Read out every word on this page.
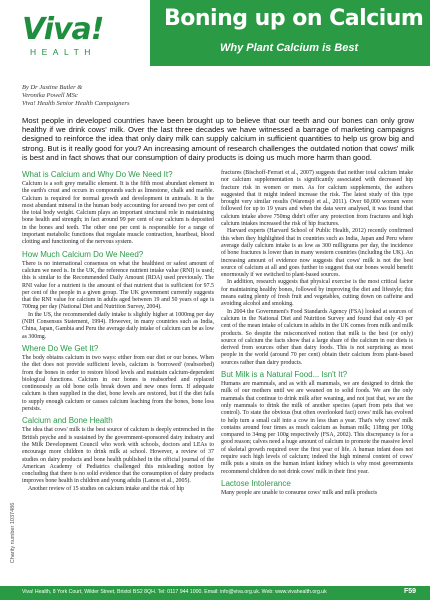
Viva!
HEALTH
Boning up on Calcium
Why Plant Calcium is Best
By Dr Justine Butler &
Veronika Powell MSc
Viva! Health Senior Health Campaigners
Most people in developed countries have been brought up to believe that our teeth and our bones can only grow healthy if we drink cows' milk. Over the last three decades we have witnessed a barrage of marketing campaigns designed to reinforce the idea that only dairy milk can supply calcium in sufficient quantities to help us grow big and strong. But is it really good for you? An increasing amount of research challenges the outdated notion that cows' milk is best and in fact shows that our consumption of dairy products is doing us much more harm than good.
What is Calcium and Why Do We Need It?

Calcium is a soft grey metallic element. It is the fifth most abundant element in the earth's crust and occurs in compounds such as limestone, chalk and marble. Calcium is required for normal growth and development in animals. It is the most abundant mineral in the human body accounting for around two per cent of the total body weight. Calcium plays an important structural role in maintaining bone health and strength; in fact around 99 per cent of our calcium is deposited in the bones and teeth. The other one per cent is responsible for a range of important metabolic functions that regulate muscle contraction, heartbeat, blood clotting and functioning of the nervous system.

How Much Calcium Do We Need?

There is no international consensus on what the healthiest or safest amount of calcium we need is. In the UK, the reference nutrient intake value (RNI) is used; this is similar to the Recommended Daily Amount (RDA) used previously. The RNI value for a nutrient is the amount of that nutrient that is sufficient for 97.5 per cent of the people in a given group. The UK government currently suggests that the RNI value for calcium in adults aged between 19 and 50 years of age is 700mg per day (National Diet and Nutrition Survey, 2004).

In the US, the recommended daily intake is slightly higher at 1000mg per day (NIH Consensus Statement, 1994). However, in many countries such as India, China, Japan, Gambia and Peru the average daily intake of calcium can be as low as 300mg.

Where Do We Get It?

The body obtains calcium in two ways: either from our diet or our bones. When the diet does not provide sufficient levels, calcium is 'borrowed' (reabsorbed) from the bones in order to restore blood levels and maintain calcium-dependent biological functions. Calcium in our bones is reabsorbed and replaced continuously as old bone cells break down and new ones form. If adequate calcium is then supplied in the diet, bone levels are restored, but if the diet fails to supply enough calcium or causes calcium leaching from the bones, bone loss persists.

Calcium and Bone Health

The idea that cows' milk is the best source of calcium is deeply entrenched in the British psyche and is sustained by the government-sponsored dairy industry and the Milk Development Council who work with schools, doctors and LEAs to encourage more children to drink milk at school. However, a review of 37 studies on dairy products and bone health published in the official journal of the American Academy of Pediatrics challenged this misleading notion by concluding that there is no solid evidence that the consumption of dairy products improves bone health in children and young adults (Lanou et al., 2005).

Another review of 15 studies on calcium intake and the risk of hip

fractures (Bischoff-Ferrari et al., 2007) suggests that neither total calcium intake nor calcium supplementation is significantly associated with decreased hip fracture risk in women or men. As for calcium supplements, the authors suggested that it might indeed increase the risk. The latest study of this type brought very similar results (Warensjö et al., 2011). Over 60,000 women were followed for up to 19 years and when the data were analysed, it was found that calcium intake above 750mg didn't offer any protection from fractures and high calcium intakes increased the risk of hip fractures.

Harvard experts (Harvard School of Public Health, 2012) recently confirmed this when they highlighted that in countries such as India, Japan and Peru where average daily calcium intake is as low as 300 milligrams per day, the incidence of bone fractures is lower than in many western countries (including the UK). An increasing amount of evidence now suggests that cows' milk is not the best source of calcium at all and goes further to suggest that our bones would benefit enormously if we switched to plant-based sources.

In addition, research suggests that physical exercise is the most critical factor for maintaining healthy bones, followed by improving the diet and lifestyle; this means eating plenty of fresh fruit and vegetables, cutting down on caffeine and avoiding alcohol and smoking.

In 2004 the Government's Food Standards Agency (FSA) looked at sources of calcium in the National Diet and Nutrition Survey and found that only 43 per cent of the mean intake of calcium in adults in the UK comes from milk and milk products. So despite the misconceived notion that milk is the best (or only) source of calcium the facts show that a large share of the calcium in our diets is derived from sources other than dairy foods. This is not surprising as most people in the world (around 70 per cent) obtain their calcium from plant-based sources rather than dairy products.

But Milk is a Natural Food... Isn't It?

Humans are mammals, and as with all mammals, we are designed to drink the milk of our mothers until we are weaned on to solid foods. We are the only mammals that continue to drink milk after weaning, and not just that, we are the only mammals to drink the milk of another species (apart from pets that we control). To state the obvious (but often overlooked fact) cows' milk has evolved to help turn a small calf into a cow in less than a year. That's why cows' milk contains around four times as much calcium as human milk; 118mg per 100g compared to 34mg per 100g respectively (FSA, 2002). This discrepancy is for a good reason; calves need a huge amount of calcium to promote the massive level of skeletal growth required over the first year of life. A human infant does not require such high levels of calcium; indeed the high mineral content of cows' milk puts a strain on the human infant kidney which is why most governments recommend children do not drink cows' milk in their first year.

Lactose Intolerance

Many people are unable to consume cows' milk and milk products

Charity number 1037486
Viva! Health, 8 York Court, Wilder Street, Bristol BS2 8QH. Tel: 0117 944 1000. Email: info@viva.org.uk. Web: www.vivahealth.org.uk	F59
